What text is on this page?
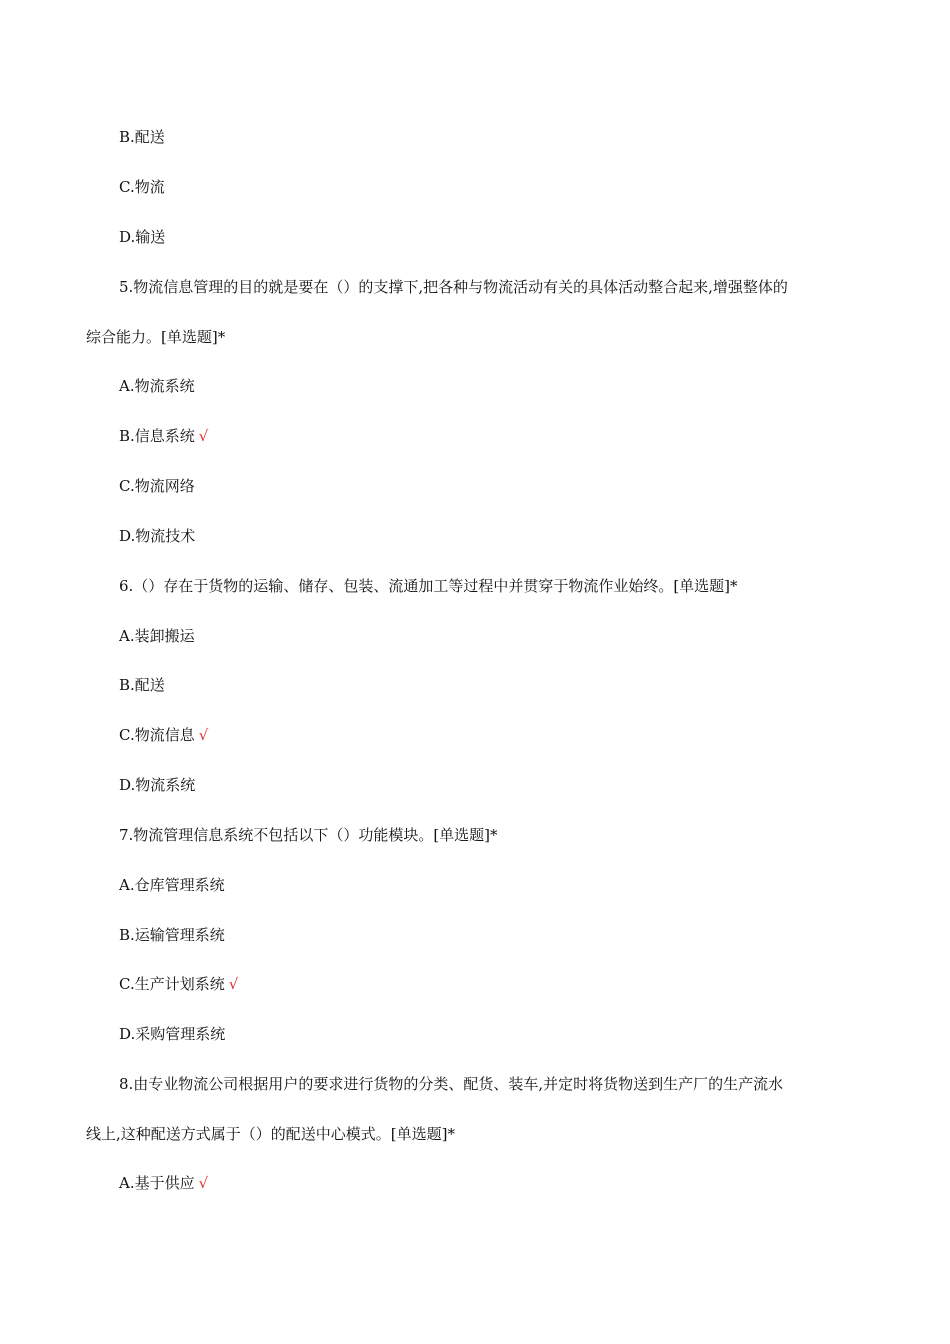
B.配送
C.物流
D.输送
5.物流信息管理的目的就是要在（）的支撑下,把各种与物流活动有关的具体活动整合起来,增强整体的
综合能力。[单选题]*
A.物流系统
B.信息系统 √
C.物流网络
D.物流技术
6.（）存在于货物的运输、储存、包装、流通加工等过程中并贯穿于物流作业始终。[单选题]*
A.装卸搬运
B.配送
C.物流信息 √
D.物流系统
7.物流管理信息系统不包括以下（）功能模块。[单选题]*
A.仓库管理系统
B.运输管理系统
C.生产计划系统 √
D.采购管理系统
8.由专业物流公司根据用户的要求进行货物的分类、配货、装车,并定时将货物送到生产厂的生产流水
线上,这种配送方式属于（）的配送中心模式。[单选题]*
A.基于供应 √
